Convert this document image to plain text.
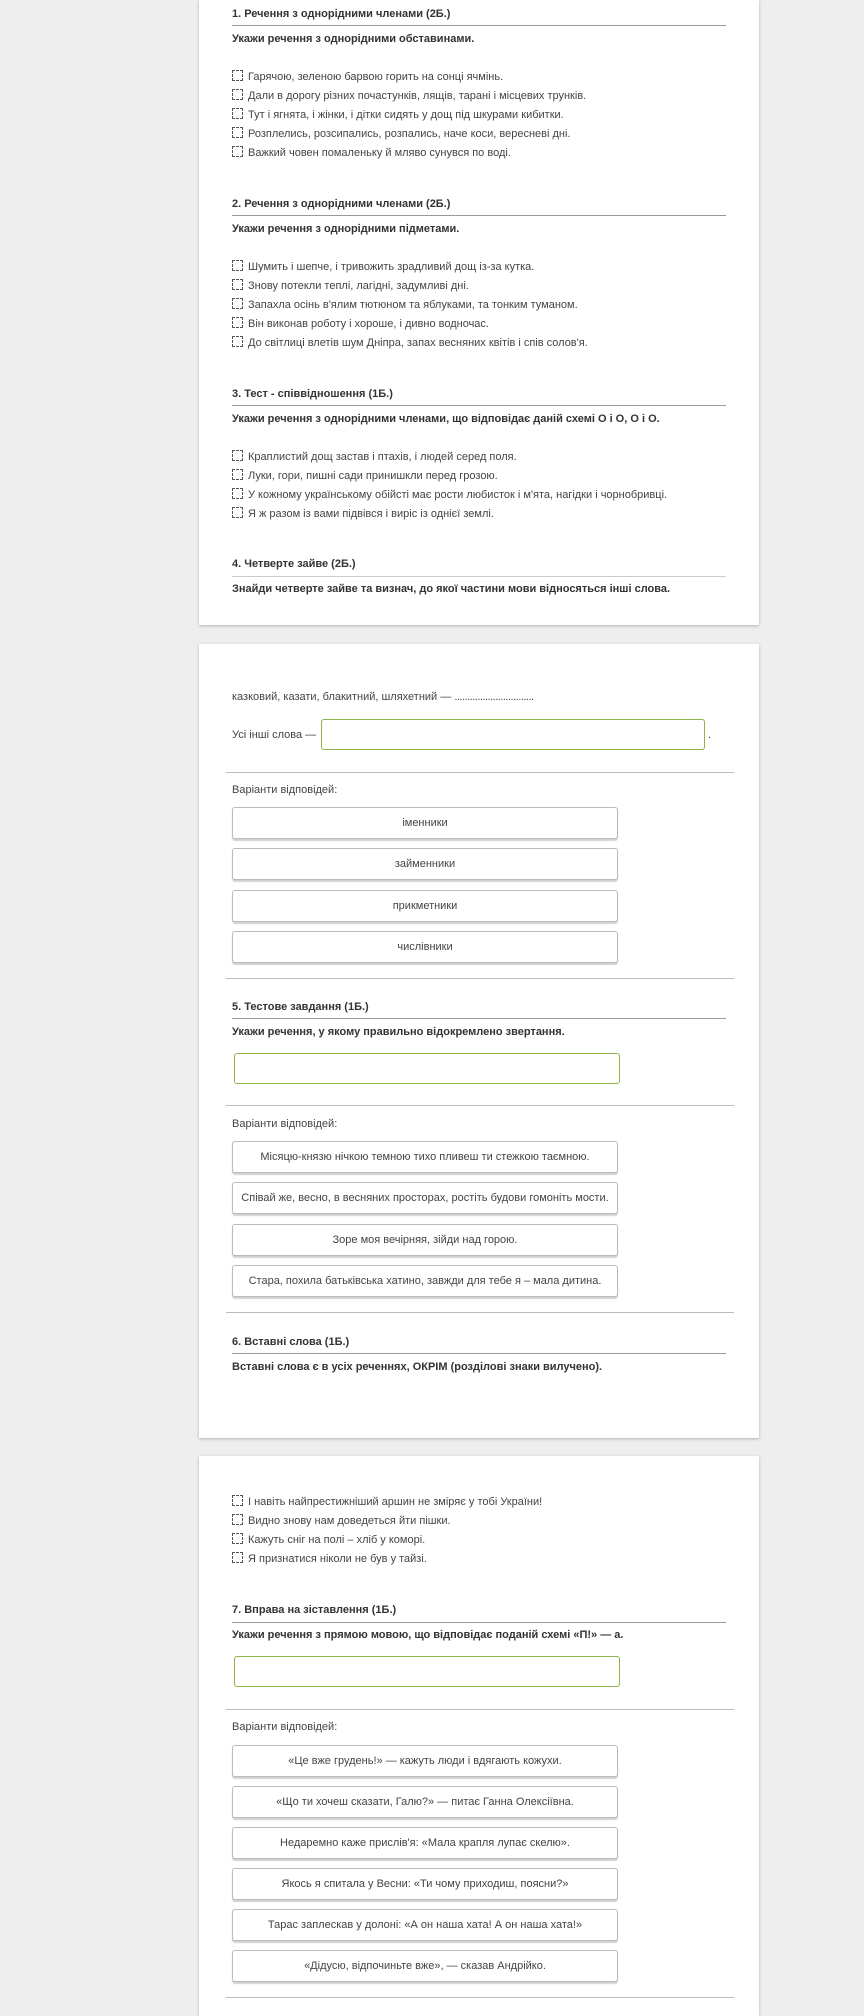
1. Речення з однорідними членами (2Б.)
Укажи речення з однорідними обставинами.
Гарячою, зеленою барвою горить на сонці ячмінь.
Дали в дорогу різних почастунків, лящів, тарані і місцевих трунків.
Тут і ягнята, і жінки, і дітки сидять у дощ під шкурами кибитки.
Розплелись, розсипались, розпались, наче коси, вересневі дні.
Важкий човен помаленьку й мляво сунувся по воді.
2. Речення з однорідними членами (2Б.)
Укажи речення з однорідними підметами.
Шумить і шепче, і тривожить зрадливий дощ із-за кутка.
Знову потекли теплі, лагідні, задумливі дні.
Запахла осінь в'ялим тютюном та яблуками, та тонким туманом.
Він виконав роботу і хороше, і дивно водночас.
До світлиці влетів шум Дніпра, запах весняних квітів і спів солов'я.
3. Тест - співвідношення (1Б.)
Укажи речення з однорідними членами, що відповідає даній схемі О і О, О і О.
Краплистий дощ застав і птахів, і людей серед поля.
Луки, гори, пишні сади принишкли перед грозою.
У кожному українському обійсті має рости любисток і м'ята, нагідки і чорнобривці.
Я ж разом із вами підвівся і виріс із однієї землі.
4. Четверте зайве (2Б.)
Знайди четверте зайве та визнач, до якої частини мови відносяться інші слова.
казковий, казати, блакитний, шляхетний — ...............................
Усі інші слова —	.
Варіанти відповідей:
іменники
займенники
прикметники
числівники
5. Тестове завдання (1Б.)
Укажи речення, у якому правильно відокремлено звертання.
Варіанти відповідей:
Місяцю-князю нічкою темною тихо пливеш ти стежкою таємною.
Співай же, весно, в весняних просторах, ростіть будови гомоніть мости.
Зоре моя вечірняя, зійди над горою.
Стара, похила батьківська хатино, завжди для тебе я – мала дитина.
6. Вставні слова (1Б.)
Вставні слова є в усіх реченнях, ОКРІМ (розділові знаки вилучено).
І навіть найпрестижніший аршин не зміряє у тобі України!
Видно знову нам доведеться йти пішки.
Кажуть сніг на полі – хліб у коморі.
Я признатися ніколи не був у тайзі.
7. Вправа на зіставлення (1Б.)
Укажи речення з прямою мовою, що відповідає поданій схемі «П!» — а.
Варіанти відповідей:
«Це вже грудень!» — кажуть люди і вдягають кожухи.
«Що ти хочеш сказати, Галю?» — питає Ганна Олексіївна.
Недаремно каже прислів'я: «Мала крапля лупає скелю».
Якось я спитала у Весни: «Ти чому приходиш, поясни?»
Тарас заплескав у долоні: «А он наша хата! А он наша хата!»
«Дідусю, відпочиньте вже», — сказав Андрійко.
